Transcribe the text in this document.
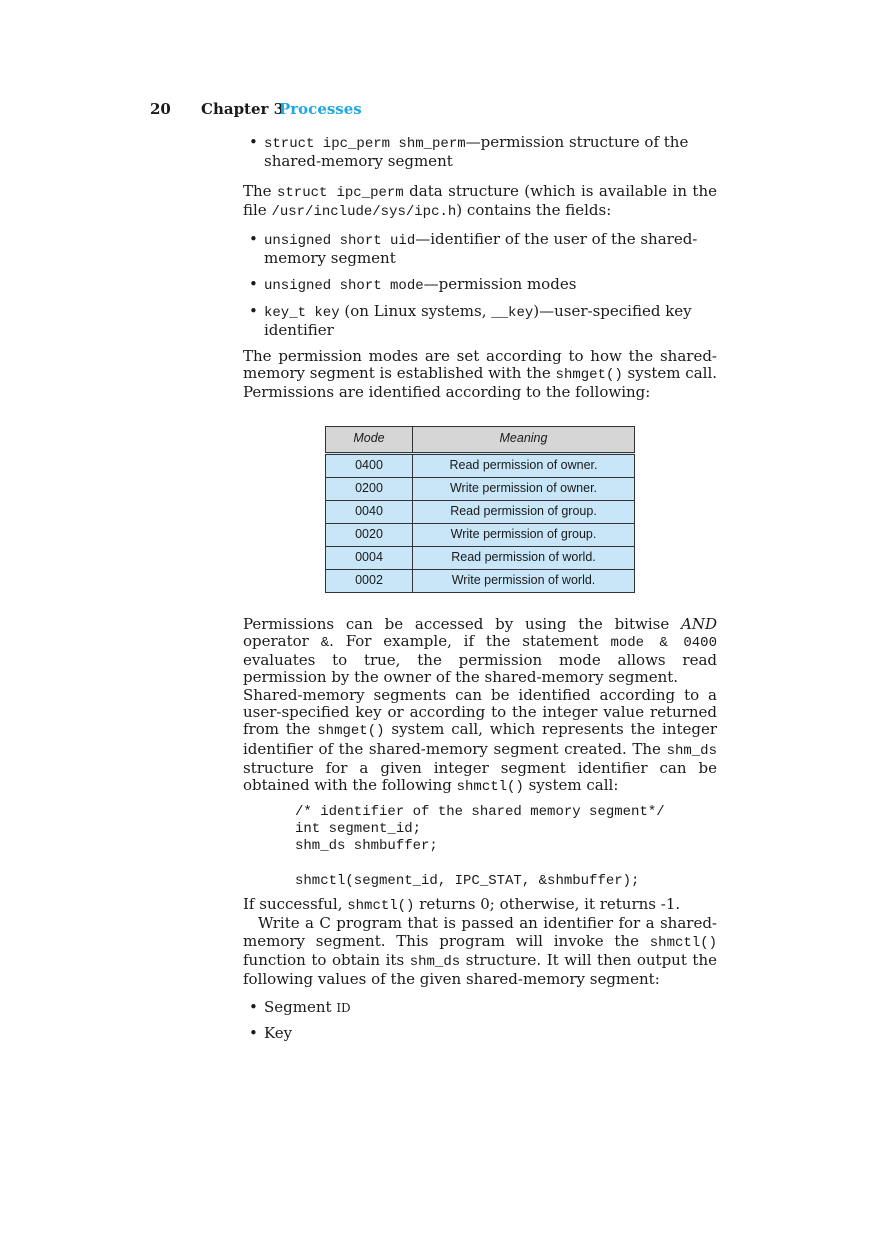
20 Chapter 3
Processes
• struct ipc_perm shm_perm—permission structure of the shared-memory segment

The struct ipc_perm data structure (which is available in the file /usr/include/sys/ipc.h) contains the fields:

• unsigned short uid—identifier of the user of the shared-memory segment
• unsigned short mode—permission modes
• key_t key (on Linux systems, __key)—user-specified key identifier

The permission modes are set according to how the shared-memory segment is established with the shmget() system call. Permissions are identified according to the following:

Mode	Meaning
0400	Read permission of owner.
0200	Write permission of owner.
0040	Read permission of group.
0020	Write permission of group.
0004	Read permission of world.
0002	Write permission of world.

Permissions can be accessed by using the bitwise AND operator &. For example, if the statement mode & 0400 evaluates to true, the permission mode allows read permission by the owner of the shared-memory segment.

Shared-memory segments can be identified according to a user-specified key or according to the integer value returned from the shmget() system call, which represents the integer identifier of the shared-memory segment created. The shm_ds structure for a given integer segment identifier can be obtained with the following shmctl() system call:

/* identifier of the shared memory segment*/
int segment_id;
shm_ds shmbuffer;

shmctl(segment_id, IPC_STAT, &shmbuffer);

If successful, shmctl() returns 0; otherwise, it returns -1.

Write a C program that is passed an identifier for a shared-memory segment. This program will invoke the shmctl() function to obtain its shm_ds structure. It will then output the following values of the given shared-memory segment:

• Segment ID
• Key
